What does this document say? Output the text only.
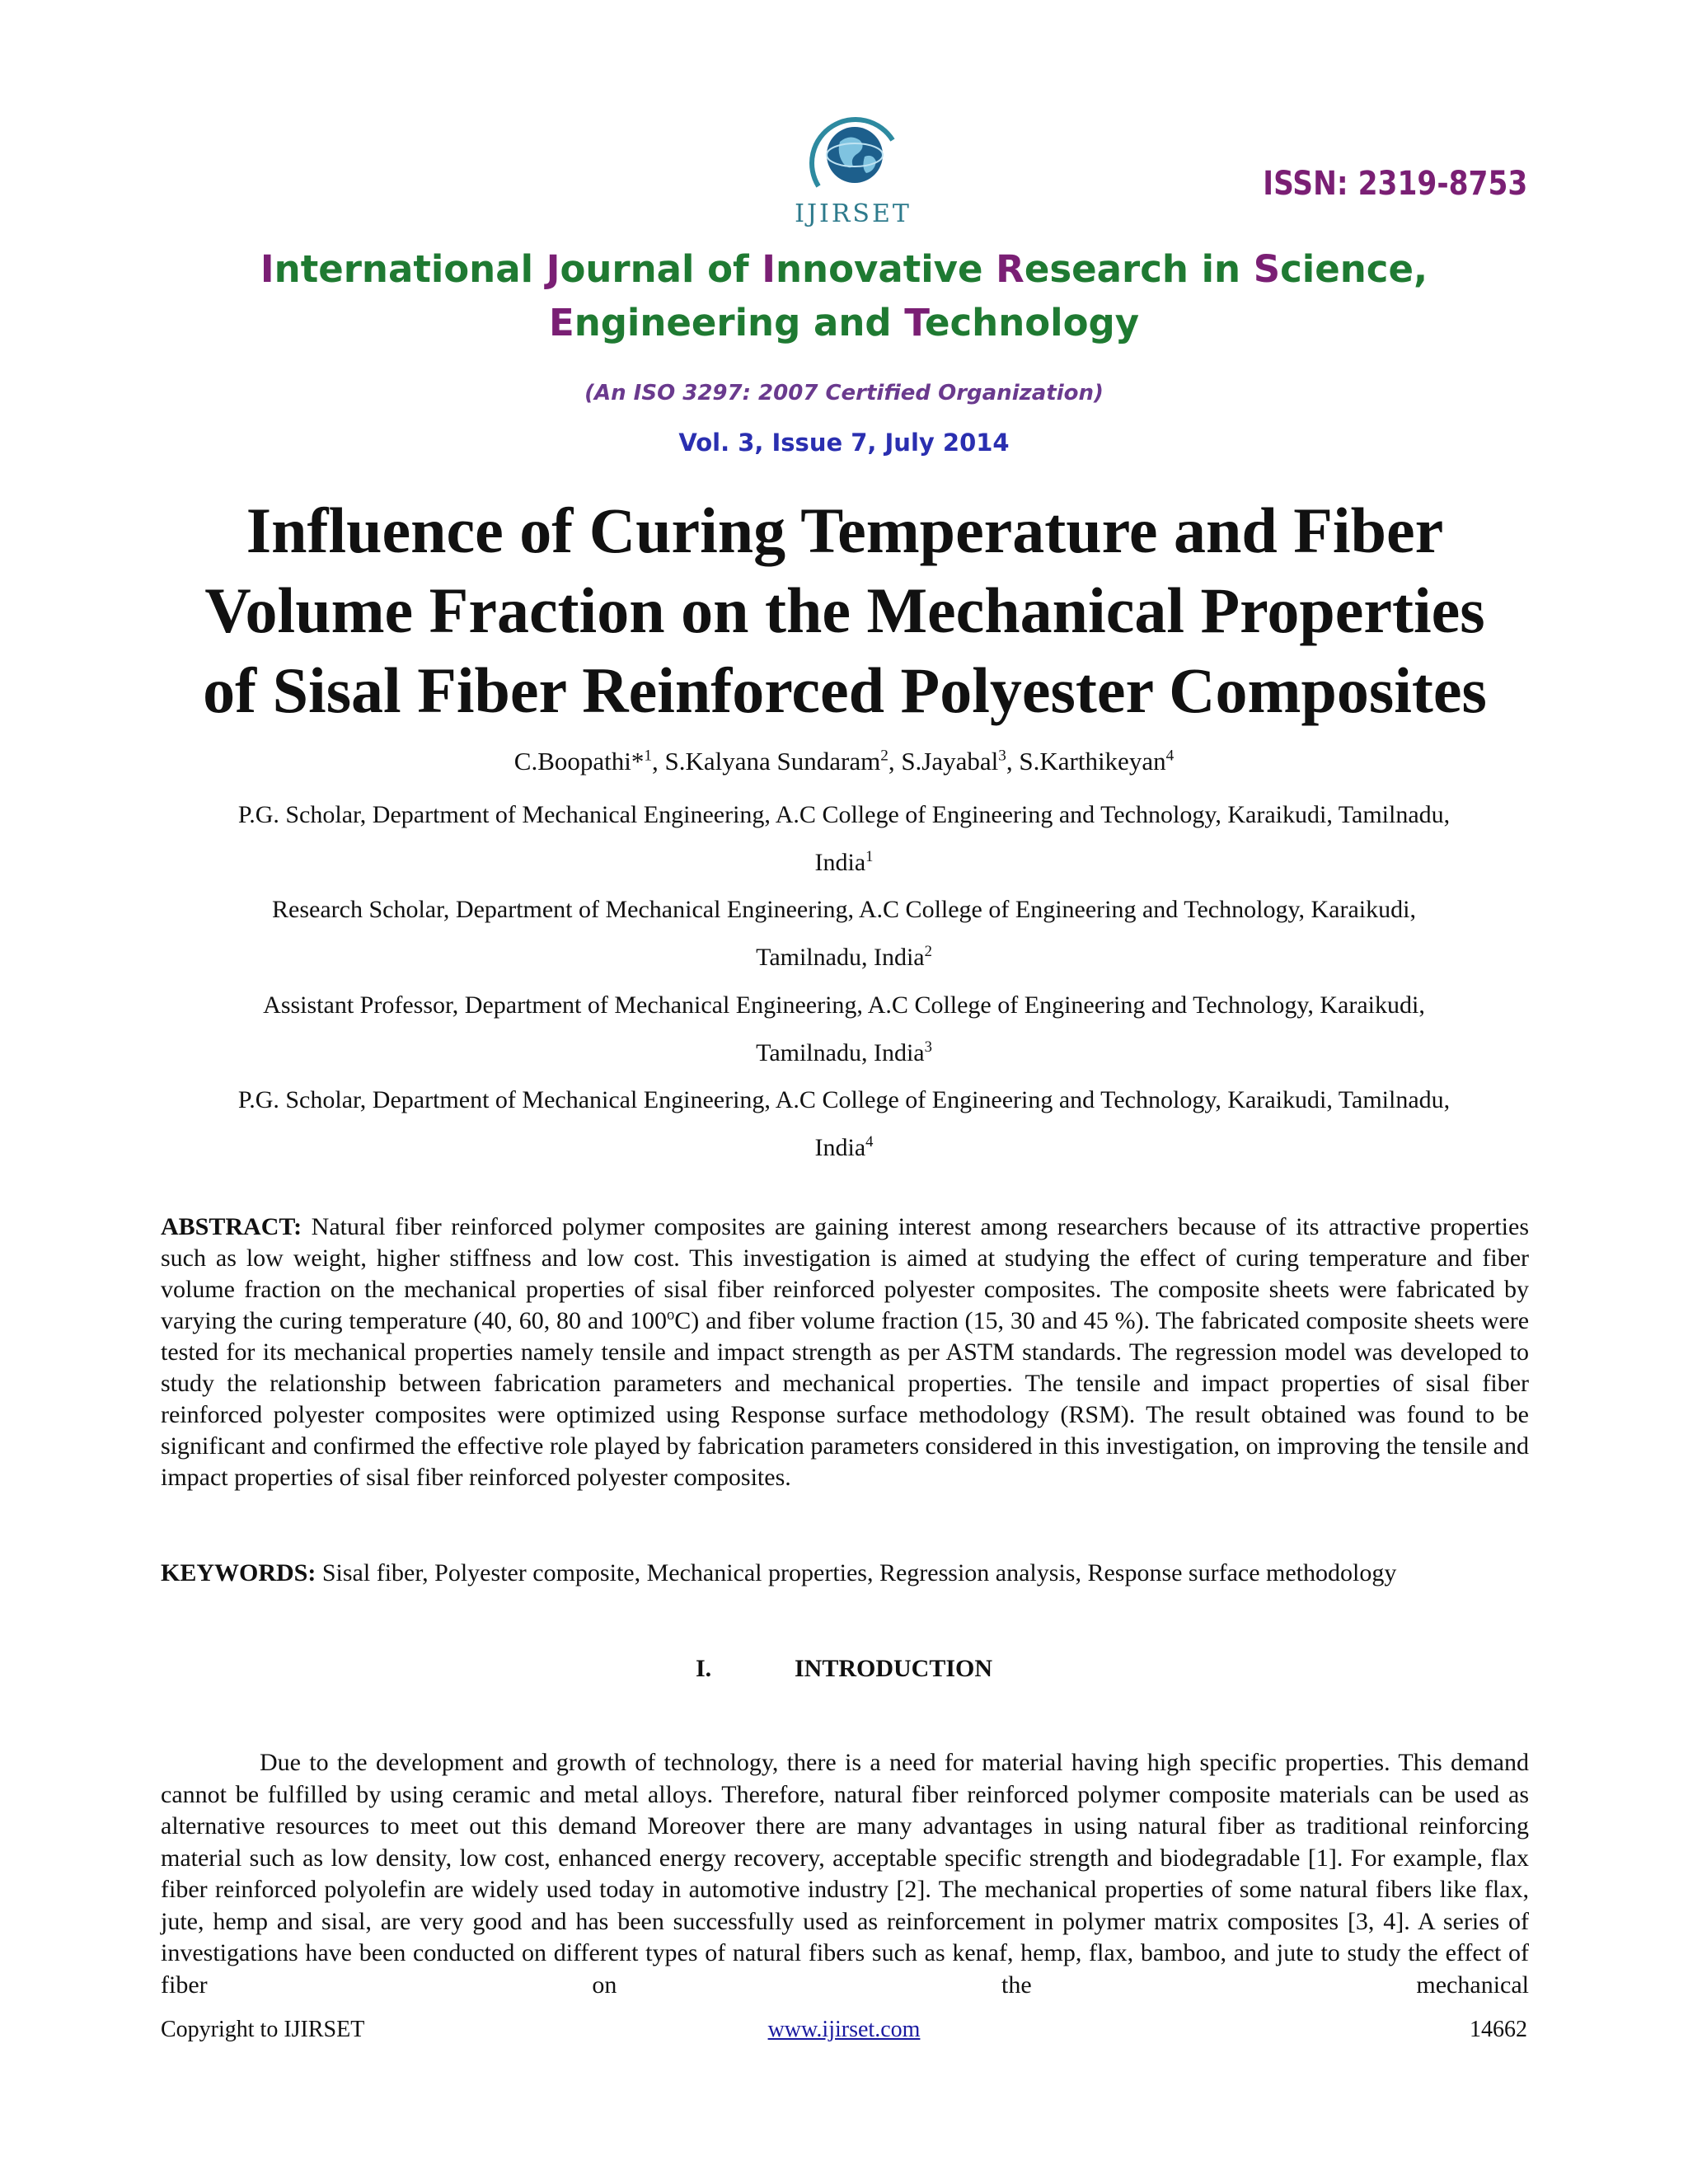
IJIRSET
ISSN: 2319-8753
International Journal of Innovative Research in Science,
Engineering and Technology
(An ISO 3297: 2007 Certified Organization)
Vol. 3, Issue 7, July 2014
Influence of Curing Temperature and Fiber
Volume Fraction on the Mechanical Properties
of Sisal Fiber Reinforced Polyester Composites
C.Boopathi*$^1$, S.Kalyana Sundaram$^2$, S.Jayabal$^3$, S.Karthikeyan$^4$
P.G. Scholar, Department of Mechanical Engineering, A.C College of Engineering and Technology, Karaikudi, Tamilnadu,
India$^1$
Research Scholar, Department of Mechanical Engineering, A.C College of Engineering and Technology, Karaikudi,
Tamilnadu, India$^2$
Assistant Professor, Department of Mechanical Engineering, A.C College of Engineering and Technology, Karaikudi,
Tamilnadu, India$^3$
P.G. Scholar, Department of Mechanical Engineering, A.C College of Engineering and Technology, Karaikudi, Tamilnadu,
India$^4$
ABSTRACT: Natural fiber reinforced polymer composites are gaining interest among researchers because of its attractive properties such as low weight, higher stiffness and low cost. This investigation is aimed at studying the effect of curing temperature and fiber volume fraction on the mechanical properties of sisal fiber reinforced polyester composites. The composite sheets were fabricated by varying the curing temperature (40, 60, 80 and 100$^o$C) and fiber volume fraction (15, 30 and 45 %). The fabricated composite sheets were tested for its mechanical properties namely tensile and impact strength as per ASTM standards. The regression model was developed to study the relationship between fabrication parameters and mechanical properties. The tensile and impact properties of sisal fiber reinforced polyester composites were optimized using Response surface methodology (RSM). The result obtained was found to be significant and confirmed the effective role played by fabrication parameters considered in this investigation, on improving the tensile and impact properties of sisal fiber reinforced polyester composites.
KEYWORDS: Sisal fiber, Polyester composite, Mechanical properties, Regression analysis, Response surface methodology
I.	INTRODUCTION
Due to the development and growth of technology, there is a need for material having high specific properties. This demand cannot be fulfilled by using ceramic and metal alloys. Therefore, natural fiber reinforced polymer composite materials can be used as alternative resources to meet out this demand Moreover there are many advantages in using natural fiber as traditional reinforcing material such as low density, low cost, enhanced energy recovery, acceptable specific strength and biodegradable [1]. For example, flax fiber reinforced polyolefin are widely used today in automotive industry [2]. The mechanical properties of some natural fibers like flax, jute, hemp and sisal, are very good and has been successfully used as reinforcement in polymer matrix composites [3, 4]. A series of investigations have been conducted on different types of natural fibers such as kenaf, hemp, flax, bamboo, and jute to study the effect of fiber on the mechanical
Copyright to IJIRSET	www.ijirset.com	14662
